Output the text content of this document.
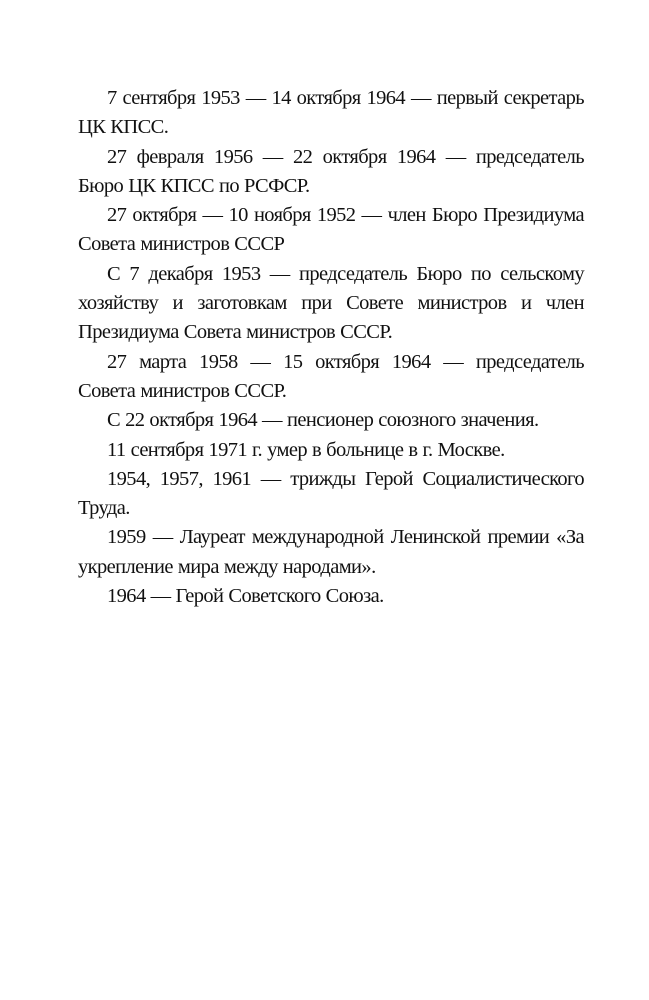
7 сентября 1953 — 14 октября 1964 — первый секретарь ЦК КПСС.

27 февраля 1956 — 22 октября 1964 — председатель Бюро ЦК КПСС по РСФСР.

27 октября — 10 ноября 1952 — член Бюро Президиума Совета министров СССР

С 7 декабря 1953 — председатель Бюро по сельскому хозяйству и заготовкам при Совете министров и член Президиума Совета министров СССР.

27 марта 1958 — 15 октября 1964 — председатель Совета министров СССР.

С 22 октября 1964 — пенсионер союзного значения.

11 сентября 1971 г. умер в больнице в г. Москве.

1954, 1957, 1961 — трижды Герой Социалистического Труда.

1959 — Лауреат международной Ленинской премии «За укрепление мира между народами».

1964 — Герой Советского Союза.
